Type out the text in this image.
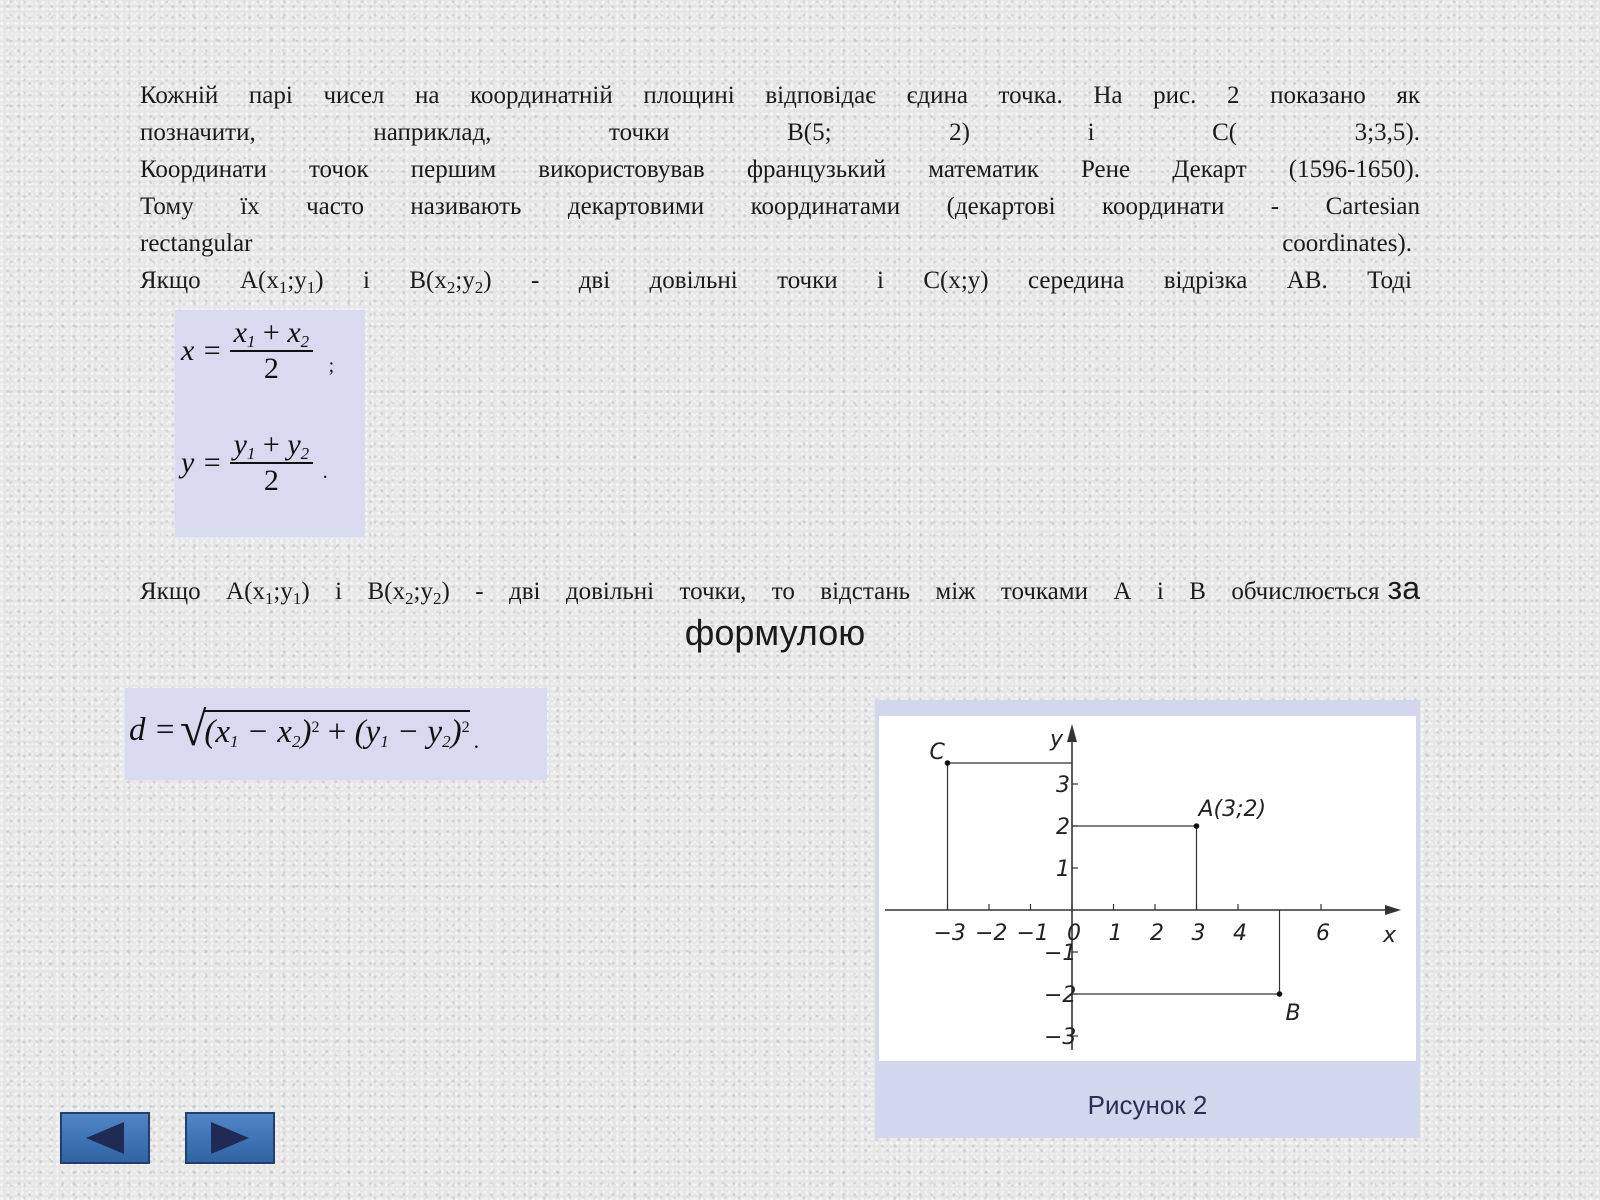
Кожній парі чисел на координатній площині відповідає єдина точка. На рис. 2 показано як
позначити,	наприклад,	точки	В(5;	2)	і	С(	3;3,5).
Координати точок першим використовував французький математик Рене Декарт (1596-1650).
Тому їх часто називають декартовими координатами (декартові координати - Cartesian
rectangular	coordinates).
Якщо $А(x_1;y_1)$ і $В(x_2;y_2)$ - дві довільні точки і С(x;y) середина відрізка АВ. Тоді
$x = \frac{x_1 + x_2}{2} _;$
$y = \frac{y_1 + y_2}{2} _.$
Якщо $А(x_1;y_1)$ і $В(x_2;y_2)$ - дві довільні точки, то відстань між точками А і В обчислюється за
формулою
d = √
$(x_1 - x_2)^2 + (y_1 - y_2)^2$
.
x
y
−3 −2 −1 0 1 2 3 4	6
3
2
1
−1
−2
−3
C
A(3;2)
B
Рисунок 2
